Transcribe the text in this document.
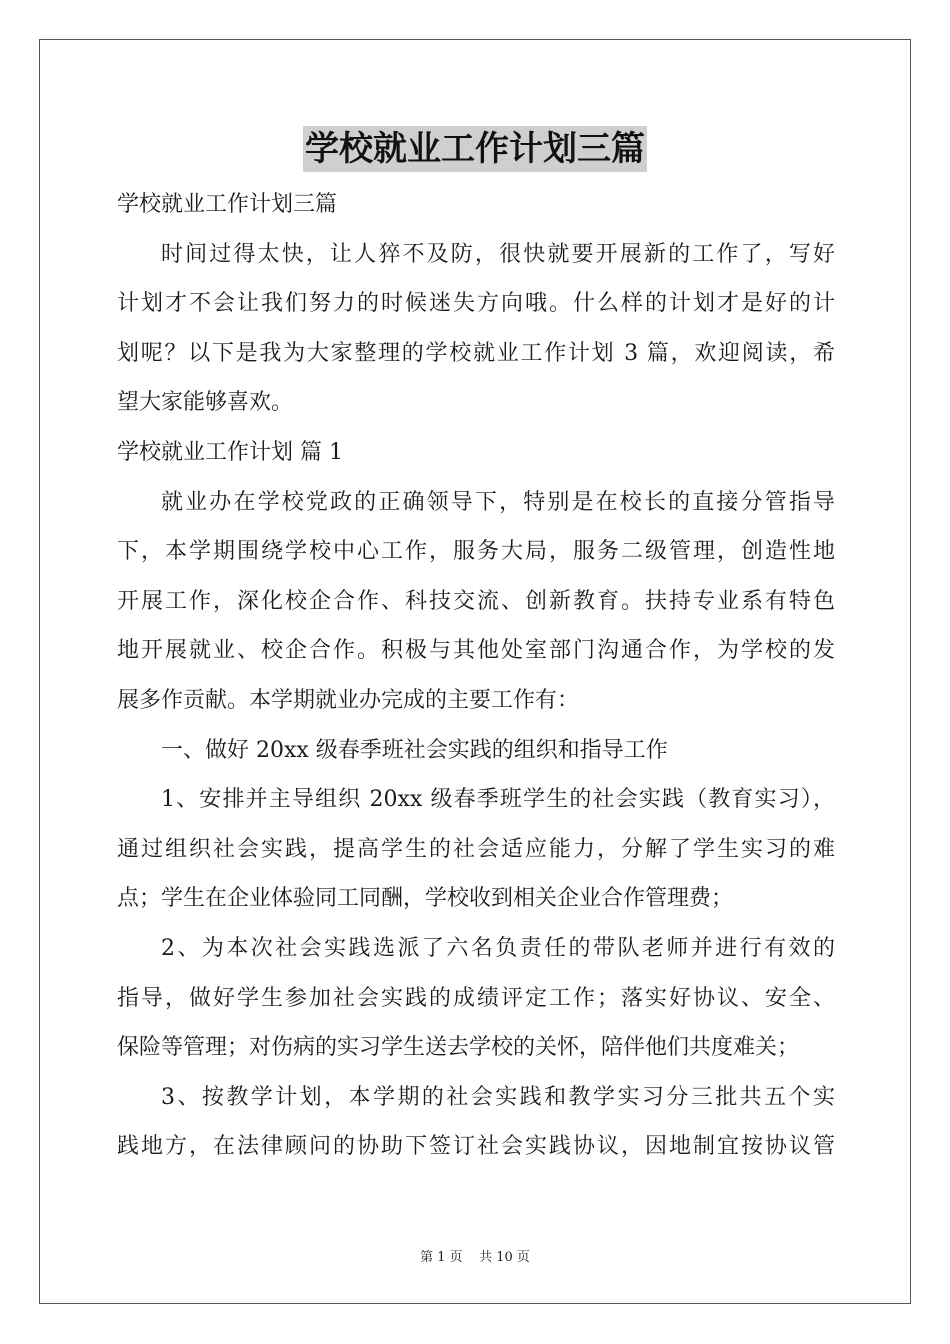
学校就业工作计划三篇
学校就业工作计划三篇
时间过得太快，让人猝不及防，很快就要开展新的工作了，写好
计划才不会让我们努力的时候迷失方向哦。什么样的计划才是好的计
划呢？以下是我为大家整理的学校就业工作计划 3 篇，欢迎阅读，希
望大家能够喜欢。
学校就业工作计划 篇 1
就业办在学校党政的正确领导下，特别是在校长的直接分管指导
下，本学期围绕学校中心工作，服务大局，服务二级管理，创造性地
开展工作，深化校企合作、科技交流、创新教育。扶持专业系有特色
地开展就业、校企合作。积极与其他处室部门沟通合作，为学校的发
展多作贡献。本学期就业办完成的主要工作有：
一、做好 20xx 级春季班社会实践的组织和指导工作
1、安排并主导组织 20xx 级春季班学生的社会实践（教育实习），
通过组织社会实践，提高学生的社会适应能力，分解了学生实习的难
点；学生在企业体验同工同酬，学校收到相关企业合作管理费；
2、为本次社会实践选派了六名负责任的带队老师并进行有效的
指导，做好学生参加社会实践的成绩评定工作；落实好协议、安全、
保险等管理；对伤病的实习学生送去学校的关怀，陪伴他们共度难关；
3、按教学计划，本学期的社会实践和教学实习分三批共五个实
践地方，在法律顾问的协助下签订社会实践协议，因地制宜按协议管
第 1 页    共 10 页
